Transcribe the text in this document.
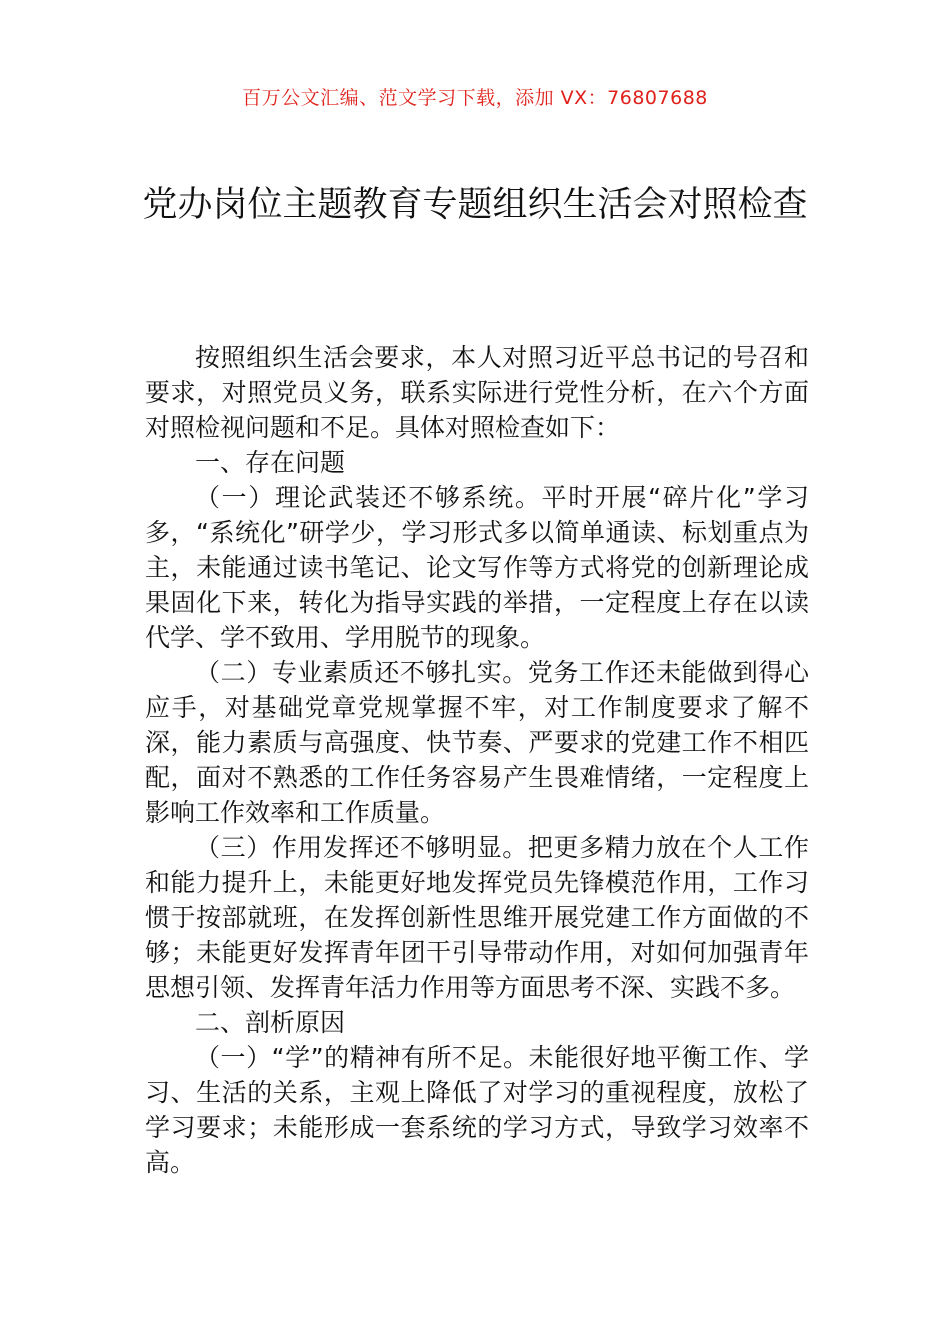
百万公文汇编、范文学习下载，添加 VX：76807688
党办岗位主题教育专题组织生活会对照检查

按照组织生活会要求，本人对照习近平总书记的号召和要求，对照党员义务，联系实际进行党性分析，在六个方面对照检视问题和不足。具体对照检查如下：

一、存在问题

（一）理论武装还不够系统。平时开展“碎片化”学习多，“系统化”研学少，学习形式多以简单通读、标划重点为主，未能通过读书笔记、论文写作等方式将党的创新理论成果固化下来，转化为指导实践的举措，一定程度上存在以读代学、学不致用、学用脱节的现象。

（二）专业素质还不够扎实。党务工作还未能做到得心应手，对基础党章党规掌握不牢，对工作制度要求了解不深，能力素质与高强度、快节奏、严要求的党建工作不相匹配，面对不熟悉的工作任务容易产生畏难情绪，一定程度上影响工作效率和工作质量。

（三）作用发挥还不够明显。把更多精力放在个人工作和能力提升上，未能更好地发挥党员先锋模范作用，工作习惯于按部就班，在发挥创新性思维开展党建工作方面做的不够；未能更好发挥青年团干引导带动作用，对如何加强青年思想引领、发挥青年活力作用等方面思考不深、实践不多。

二、剖析原因

（一）“学”的精神有所不足。未能很好地平衡工作、学习、生活的关系，主观上降低了对学习的重视程度，放松了学习要求；未能形成一套系统的学习方式，导致学习效率不高。
